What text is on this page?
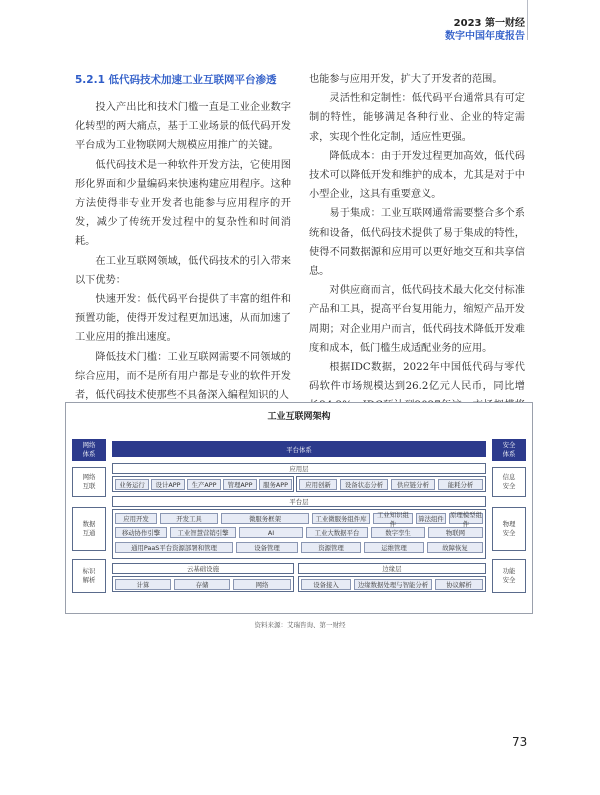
2023 第一财经
数字中国年度报告

5.2.1 低代码技术加速工业互联网平台渗透

投入产出比和技术门槛一直是工业企业数字化转型的两大痛点，基于工业场景的低代码开发平台成为工业物联网大规模应用推广的关键。

低代码技术是一种软件开发方法，它使用图形化界面和少量编码来快速构建应用程序。这种方法使得非专业开发者也能参与应用程序的开发，减少了传统开发过程中的复杂性和时间消耗。

在工业互联网领域，低代码技术的引入带来以下优势：

快速开发：低代码平台提供了丰富的组件和预置功能，使得开发过程更加迅速，从而加速了工业应用的推出速度。

降低技术门槛：工业互联网需要不同领域的综合应用，而不是所有用户都是专业的软件开发者，低代码技术使那些不具备深入编程知识的人

也能参与应用开发，扩大了开发者的范围。

灵活性和定制性：低代码平台通常具有可定制的特性，能够满足各种行业、企业的特定需求，实现个性化定制，适应性更强。

降低成本：由于开发过程更加高效，低代码技术可以降低开发和维护的成本，尤其是对于中小型企业，这具有重要意义。

易于集成：工业互联网通常需要整合多个系统和设备，低代码技术提供了易于集成的特性，使得不同数据源和应用可以更好地交互和共享信息。

对供应商而言，低代码技术最大化交付标准产品和工具，提高平台复用能力，缩短产品开发周期；对企业用户而言，低代码技术降低开发难度和成本，低门槛生成适配业务的应用。

根据IDC数据，2022年中国低代码与零代码软件市场规模达到26.2亿元人民币，同比增

工业互联网架构
网络
体系
网络
互联
数据
互通
标识
解析
安全
体系
信息
安全
物理
安全
功能
安全
平台体系
应用层
业务运行	设计APP	生产APP	管理APP	服务APP	应用创新	设备状态分析	供应链分析	能耗分析
平台层
应用开发	开发工具	微服务框架	工业微服务组件库
工业知识组件
算法组件
原理模型组件
移动协作引擎	工业智慧营销引擎	AI	工业大数据平台	数字孪生	物联网
通用PaaS平台资源部署和管理	设备管理	资源管理	运维管理	故障恢复
云基础设施	边缘层
计算	存储	网络	设备接入	边缘数据处理与智能分析	协议解析
资料来源：艾瑞咨询、第一财经
73
